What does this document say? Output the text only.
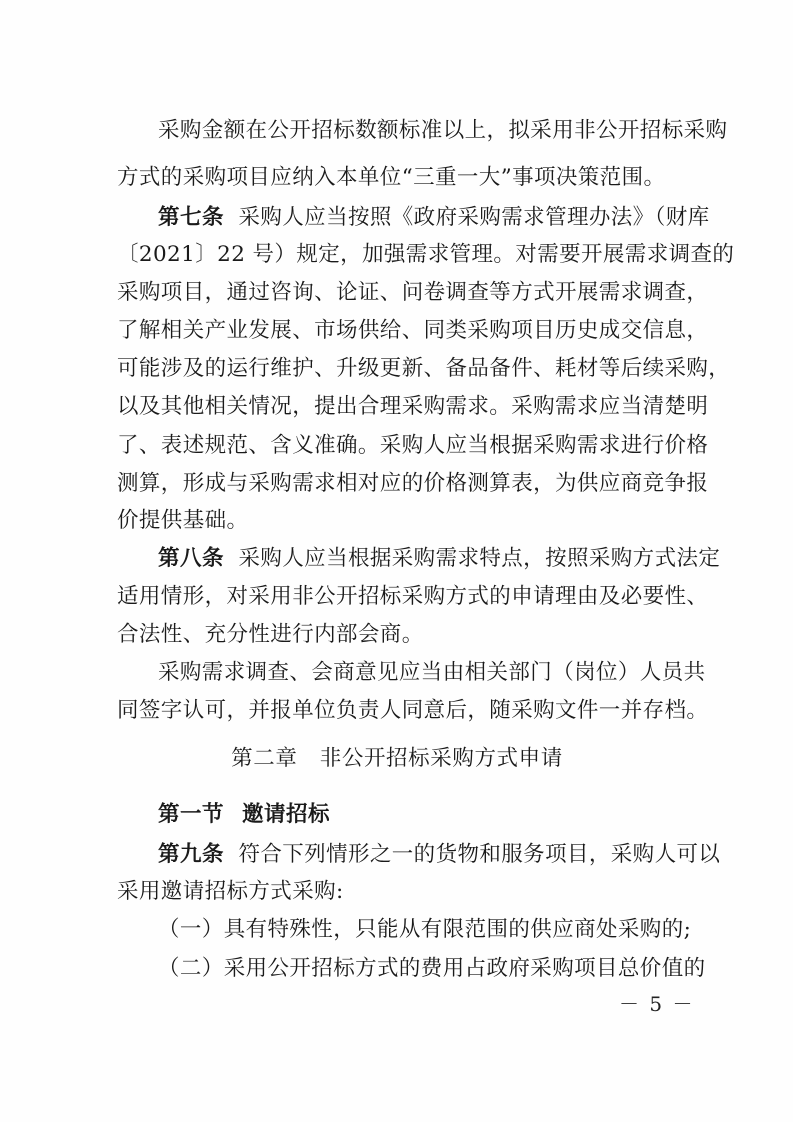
采购金额在公开招标数额标准以上，拟采用非公开招标采购
方式的采购项目应纳入本单位“三重一大”事项决策范围。
第七条 采购人应当按照《政府采购需求管理办法》（财库
〔2021〕22 号）规定，加强需求管理。对需要开展需求调查的
采购项目，通过咨询、论证、问卷调查等方式开展需求调查，
了解相关产业发展、市场供给、同类采购项目历史成交信息，
可能涉及的运行维护、升级更新、备品备件、耗材等后续采购，
以及其他相关情况，提出合理采购需求。采购需求应当清楚明
了、表述规范、含义准确。采购人应当根据采购需求进行价格
测算，形成与采购需求相对应的价格测算表，为供应商竞争报
价提供基础。
第八条 采购人应当根据采购需求特点，按照采购方式法定
适用情形，对采用非公开招标采购方式的申请理由及必要性、
合法性、充分性进行内部会商。
采购需求调查、会商意见应当由相关部门（岗位）人员共
同签字认可，并报单位负责人同意后，随采购文件一并存档。
第二章 非公开招标采购方式申请
第一节 邀请招标
第九条 符合下列情形之一的货物和服务项目，采购人可以
采用邀请招标方式采购:
（一）具有特殊性，只能从有限范围的供应商处采购的;
（二）采用公开招标方式的费用占政府采购项目总价值的
－ 5 －
